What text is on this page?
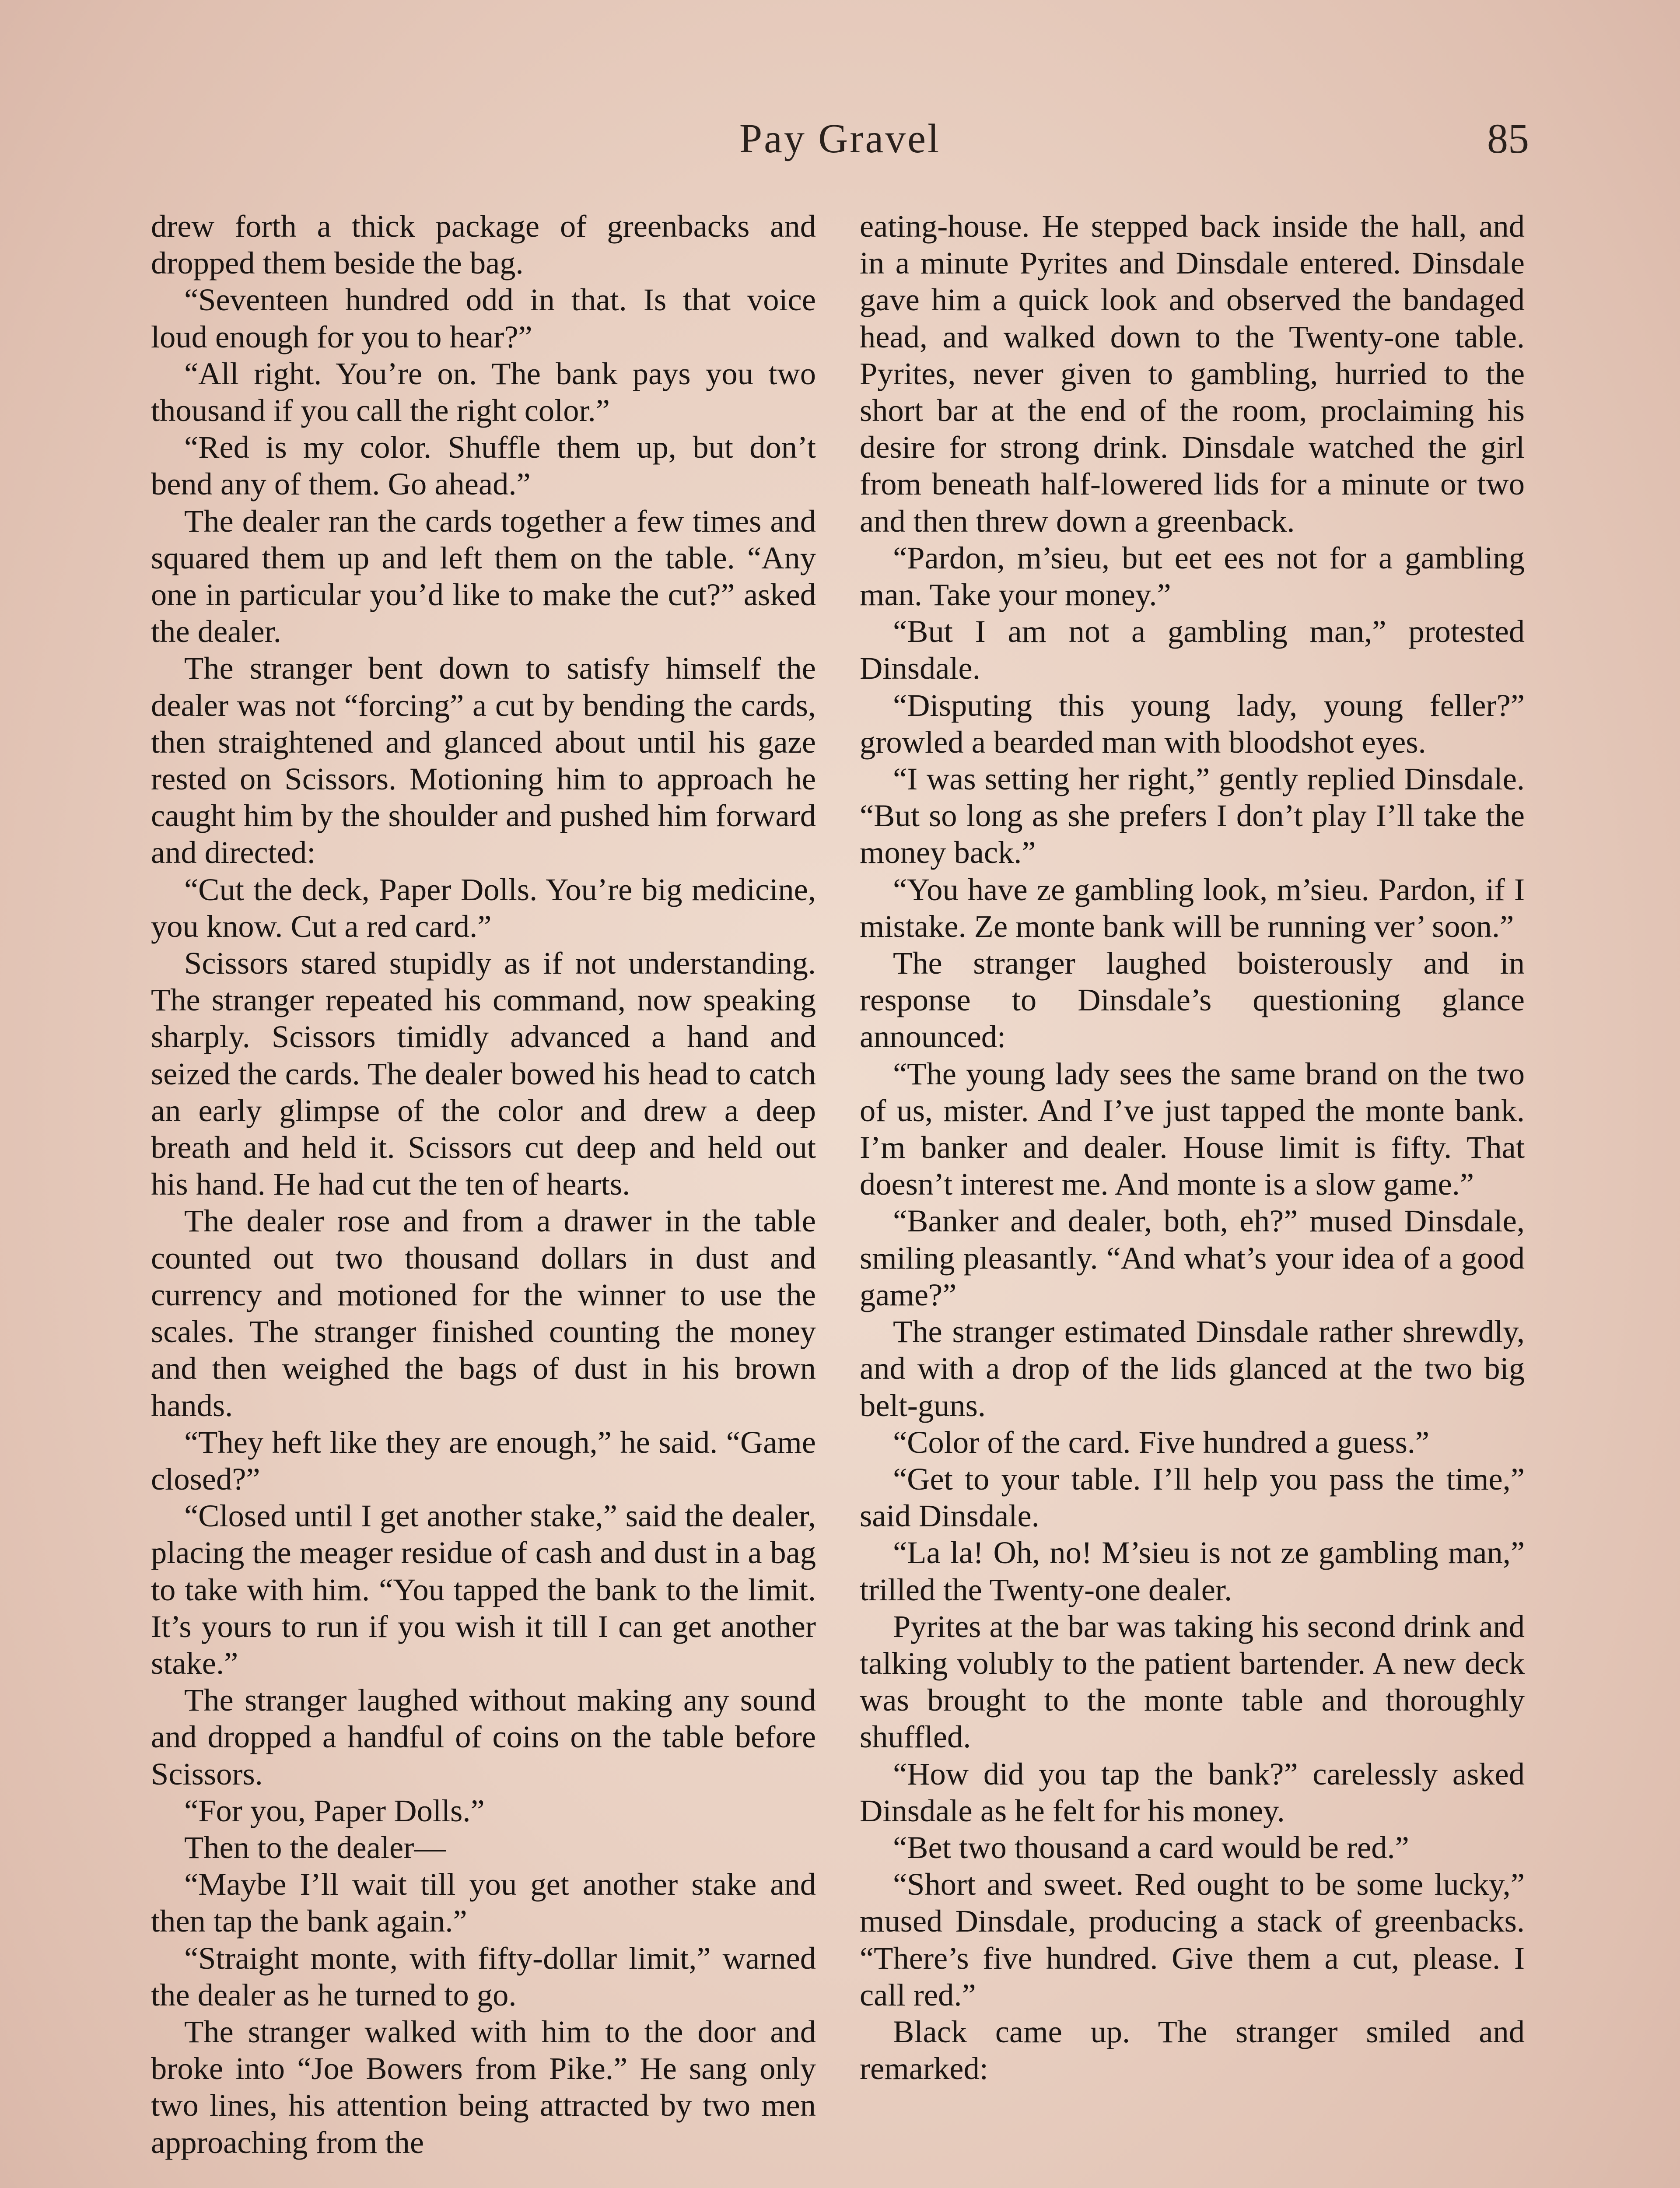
Pay Gravel	85

drew forth a thick package of greenbacks and dropped them beside the bag.

“Seventeen hundred odd in that. Is that voice loud enough for you to hear?”

“All right. You’re on. The bank pays you two thousand if you call the right color.”

“Red is my color. Shuffle them up, but don’t bend any of them. Go ahead.”

The dealer ran the cards together a few times and squared them up and left them on the table. “Any one in particular you’d like to make the cut?” asked the dealer.

The stranger bent down to satisfy himself the dealer was not “forcing” a cut by bending the cards, then straightened and glanced about until his gaze rested on Scissors. Motioning him to approach he caught him by the shoulder and pushed him forward and directed:

“Cut the deck, Paper Dolls. You’re big medicine, you know. Cut a red card.”

Scissors stared stupidly as if not understanding. The stranger repeated his command, now speaking sharply. Scissors timidly advanced a hand and seized the cards. The dealer bowed his head to catch an early glimpse of the color and drew a deep breath and held it. Scissors cut deep and held out his hand. He had cut the ten of hearts.

The dealer rose and from a drawer in the table counted out two thousand dollars in dust and currency and motioned for the winner to use the scales. The stranger finished counting the money and then weighed the bags of dust in his brown hands.

“They heft like they are enough,” he said. “Game closed?”

“Closed until I get another stake,” said the dealer, placing the meager residue of cash and dust in a bag to take with him. “You tapped the bank to the limit. It’s yours to run if you wish it till I can get another stake.”

The stranger laughed without making any sound and dropped a handful of coins on the table before Scissors.

“For you, Paper Dolls.”

Then to the dealer—

“Maybe I’ll wait till you get another stake and then tap the bank again.”

“Straight monte, with fifty-dollar limit,” warned the dealer as he turned to go.

The stranger walked with him to the door and broke into “Joe Bowers from Pike.” He sang only two lines, his attention being attracted by two men approaching from the

eating-house. He stepped back inside the hall, and in a minute Pyrites and Dinsdale entered. Dinsdale gave him a quick look and observed the bandaged head, and walked down to the Twenty-one table. Pyrites, never given to gambling, hurried to the short bar at the end of the room, proclaiming his desire for strong drink. Dinsdale watched the girl from beneath half-lowered lids for a minute or two and then threw down a greenback.

“Pardon, m’sieu, but eet ees not for a gambling man. Take your money.”

“But I am not a gambling man,” protested Dinsdale.

“Disputing this young lady, young feller?” growled a bearded man with bloodshot eyes.

“I was setting her right,” gently replied Dinsdale. “But so long as she prefers I don’t play I’ll take the money back.”

“You have ze gambling look, m’sieu. Pardon, if I mistake. Ze monte bank will be running ver’ soon.”

The stranger laughed boisterously and in response to Dinsdale’s questioning glance announced:

“The young lady sees the same brand on the two of us, mister. And I’ve just tapped the monte bank. I’m banker and dealer. House limit is fifty. That doesn’t interest me. And monte is a slow game.”

“Banker and dealer, both, eh?” mused Dinsdale, smiling pleasantly. “And what’s your idea of a good game?”

The stranger estimated Dinsdale rather shrewdly, and with a drop of the lids glanced at the two big belt-guns.

“Color of the card. Five hundred a guess.”

“Get to your table. I’ll help you pass the time,” said Dinsdale.

“La la! Oh, no! M’sieu is not ze gambling man,” trilled the Twenty-one dealer.

Pyrites at the bar was taking his second drink and talking volubly to the patient bartender. A new deck was brought to the monte table and thoroughly shuffled.

“How did you tap the bank?” carelessly asked Dinsdale as he felt for his money.

“Bet two thousand a card would be red.”

“Short and sweet. Red ought to be some lucky,” mused Dinsdale, producing a stack of greenbacks. “There’s five hundred. Give them a cut, please. I call red.”

Black came up. The stranger smiled and remarked:
